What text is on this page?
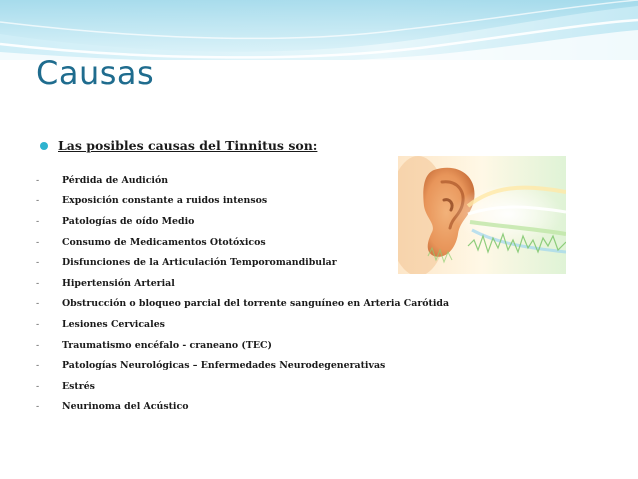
Causas
Las posibles causas del Tinnitus son:
-	Pérdida de Audición
-	Exposición constante a ruidos intensos
-	Patologías de oído Medio
-	Consumo de Medicamentos Ototóxicos
-	Disfunciones de la Articulación Temporomandibular
-	Hipertensión Arterial
-	Obstrucción o bloqueo parcial del torrente sanguíneo en Arteria Carótida
-	Lesiones Cervicales
-	Traumatismo encéfalo - craneano (TEC)
-	Patologías Neurológicas – Enfermedades Neurodegenerativas
-	Estrés
-	Neurinoma del Acústico
